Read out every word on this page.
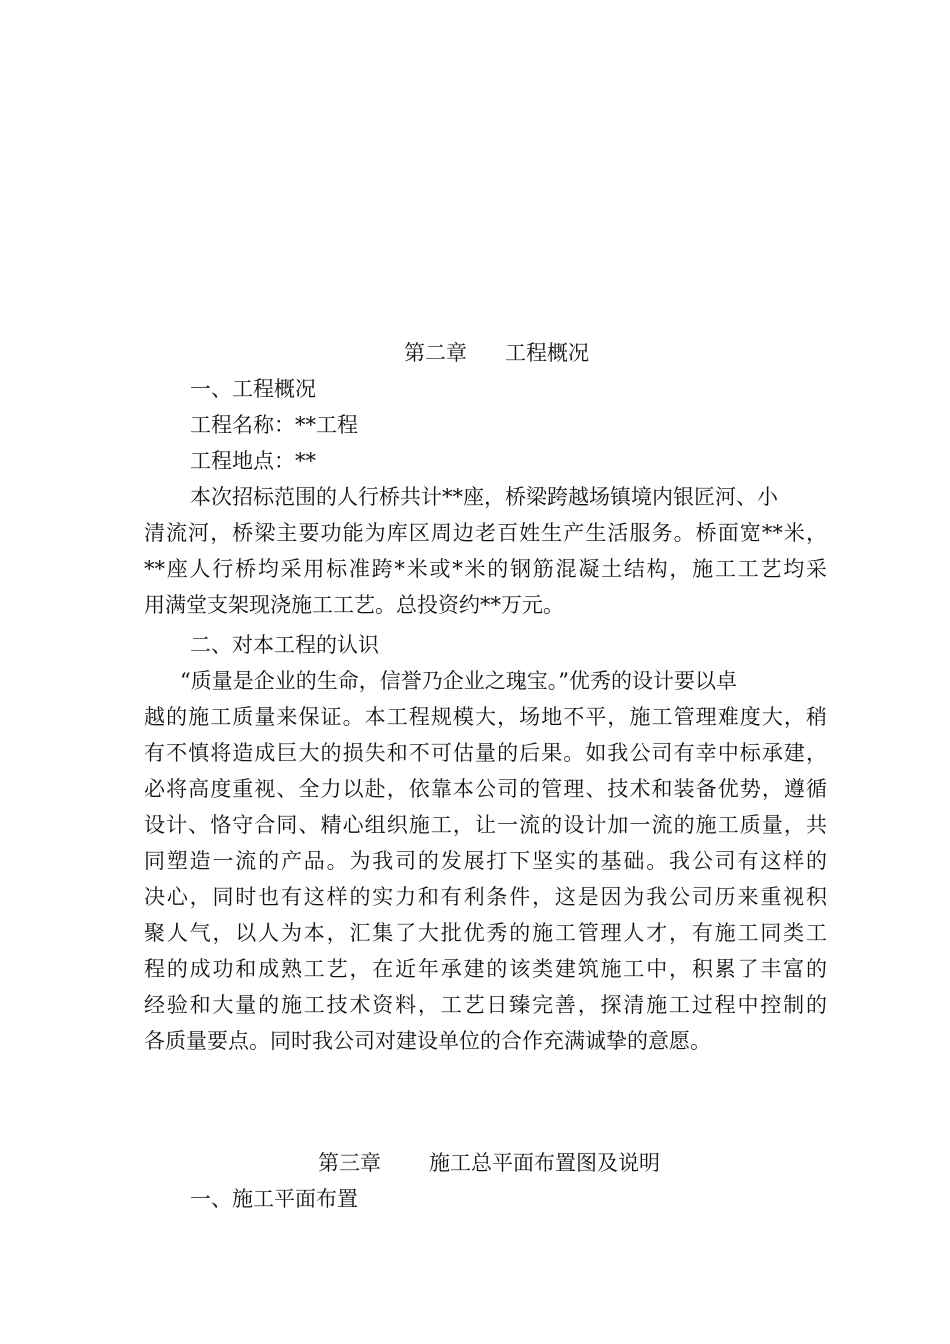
第二章 工程概况
一、工程概况
工程名称：**工程
工程地点：**
本次招标范围的人行桥共计**座，桥梁跨越场镇境内银匠河、小
清流河，桥梁主要功能为库区周边老百姓生产生活服务。桥面宽**米，
**座人行桥均采用标准跨*米或*米的钢筋混凝土结构，施工工艺均采
用满堂支架现浇施工工艺。总投资约**万元。
二、对本工程的认识
“质量是企业的生命，信誉乃企业之瑰宝。”优秀的设计要以卓
越的施工质量来保证。本工程规模大，场地不平，施工管理难度大，稍
有不慎将造成巨大的损失和不可估量的后果。如我公司有幸中标承建，
必将高度重视、全力以赴，依靠本公司的管理、技术和装备优势，遵循
设计、恪守合同、精心组织施工，让一流的设计加一流的施工质量，共
同塑造一流的产品。为我司的发展打下坚实的基础。我公司有这样的
决心，同时也有这样的实力和有利条件，这是因为我公司历来重视积
聚人气，以人为本，汇集了大批优秀的施工管理人才，有施工同类工
程的成功和成熟工艺，在近年承建的该类建筑施工中，积累了丰富的
经验和大量的施工技术资料，工艺日臻完善，探清施工过程中控制的
各质量要点。同时我公司对建设单位的合作充满诚挚的意愿。
第三章 施工总平面布置图及说明
一、施工平面布置
